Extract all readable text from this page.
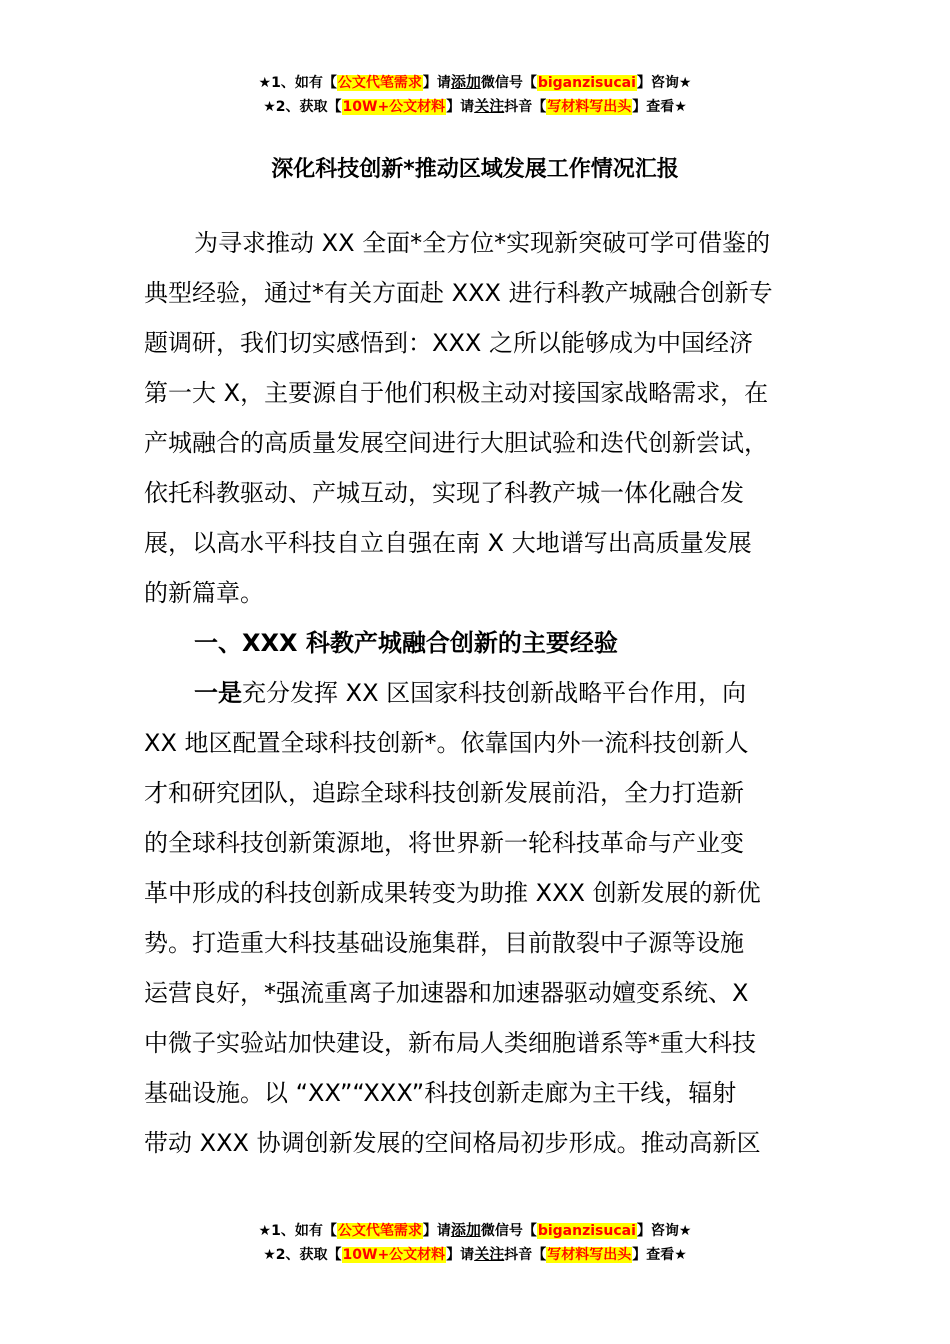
★1、如有【公文代笔需求】请添加微信号【biganzisucai】咨询★
★2、获取【10W+公文材料】请关注抖音【写材料写出头】查看★
深化科技创新*推动区域发展工作情况汇报
为寻求推动 XX 全面*全方位*实现新突破可学可借鉴的
典型经验，通过*有关方面赴 XXX 进行科教产城融合创新专
题调研，我们切实感悟到：XXX 之所以能够成为中国经济
第一大 X，主要源自于他们积极主动对接国家战略需求，在
产城融合的高质量发展空间进行大胆试验和迭代创新尝试，
依托科教驱动、产城互动，实现了科教产城一体化融合发
展，以高水平科技自立自强在南 X 大地谱写出高质量发展
的新篇章。
一、XXX 科教产城融合创新的主要经验
一是充分发挥 XX 区国家科技创新战略平台作用，向
XX 地区配置全球科技创新*。依靠国内外一流科技创新人
才和研究团队，追踪全球科技创新发展前沿，全力打造新
的全球科技创新策源地，将世界新一轮科技革命与产业变
革中形成的科技创新成果转变为助推 XXX 创新发展的新优
势。打造重大科技基础设施集群，目前散裂中子源等设施
运营良好，*强流重离子加速器和加速器驱动嬗变系统、X
中微子实验站加快建设，新布局人类细胞谱系等*重大科技
基础设施。以 “XX”“XXX”科技创新走廊为主干线，辐射
带动 XXX 协调创新发展的空间格局初步形成。推动高新区
★1、如有【公文代笔需求】请添加微信号【biganzisucai】咨询★
★2、获取【10W+公文材料】请关注抖音【写材料写出头】查看★
